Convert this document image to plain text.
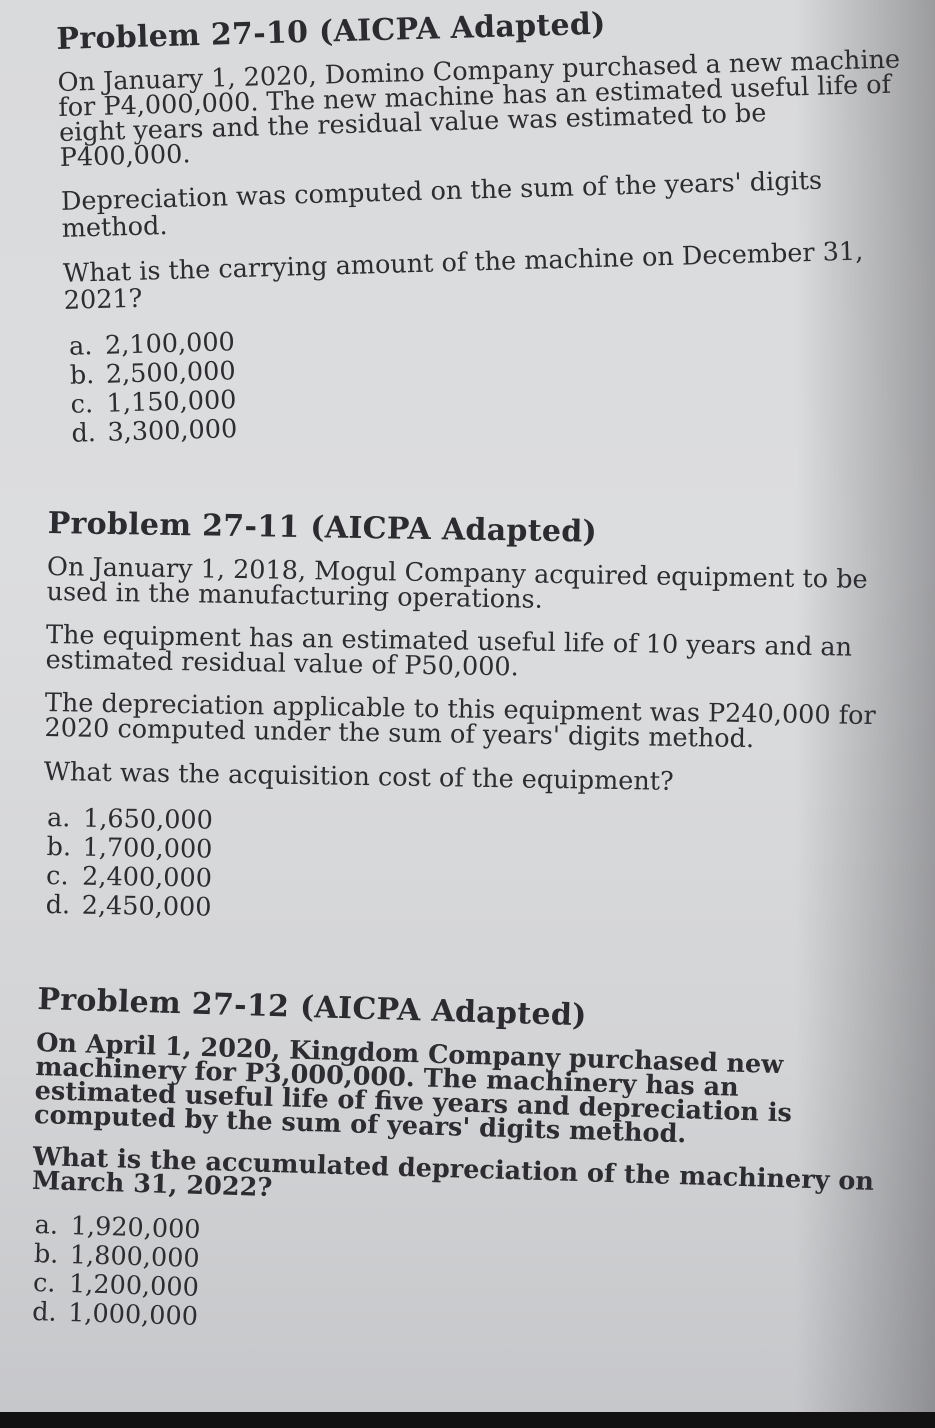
Problem 27-10 (AICPA Adapted)

On January 1, 2020, Domino Company purchased a new machine for P4,000,000. The new machine has an estimated useful life of eight years and the residual value was estimated to be P400,000.

Depreciation was computed on the sum of the years' digits method.

What is the carrying amount of the machine on December 31, 2021?

a. 2,100,000
b. 2,500,000
c. 1,150,000
d. 3,300,000
Problem 27-11 (AICPA Adapted)

On January 1, 2018, Mogul Company acquired equipment to be used in the manufacturing operations.

The equipment has an estimated useful life of 10 years and an estimated residual value of P50,000.

The depreciation applicable to this equipment was P240,000 for 2020 computed under the sum of years' digits method.

What was the acquisition cost of the equipment?

a. 1,650,000
b. 1,700,000
c. 2,400,000
d. 2,450,000
Problem 27-12 (AICPA Adapted)

On April 1, 2020, Kingdom Company purchased new machinery for P3,000,000. The machinery has an estimated useful life of five years and depreciation is computed by the sum of years' digits method.

What is the accumulated depreciation of the machinery on March 31, 2022?

a. 1,920,000
b. 1,800,000
c. 1,200,000
d. 1,000,000
